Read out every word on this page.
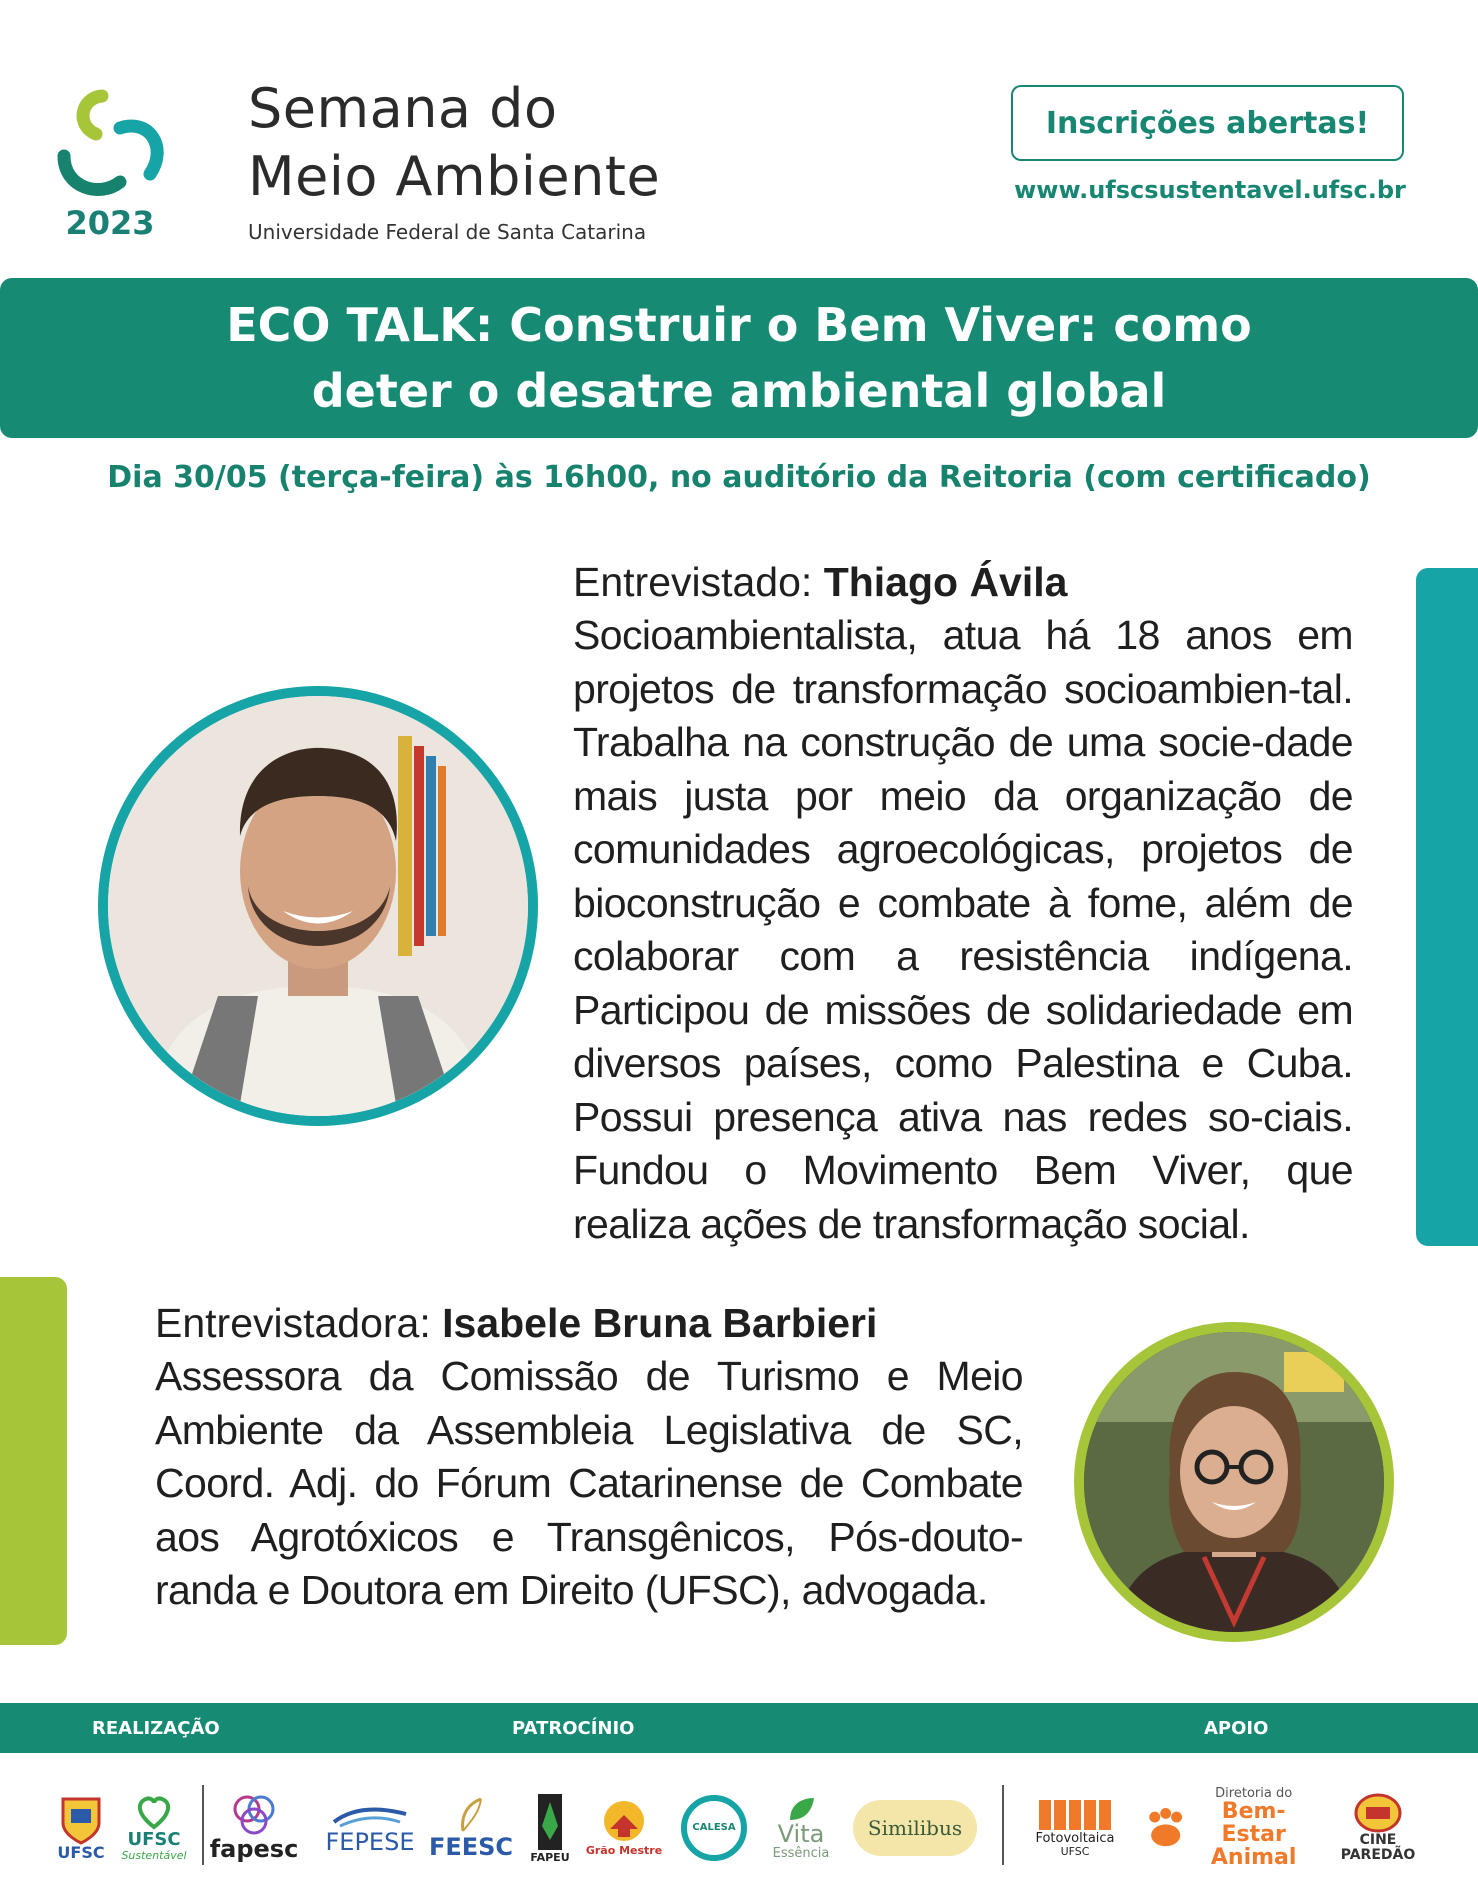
2023
Semana do
Meio Ambiente
Universidade Federal de Santa Catarina
Inscrições abertas!
www.ufscsustentavel.ufsc.br
ECO TALK: Construir o Bem Viver: como
deter o desatre ambiental global
Dia 30/05 (terça-feira) às 16h00, no auditório da Reitoria (com certificado)
Entrevistado: Thiago Ávila
Socioambientalista, atua há 18 anos em projetos de transformação socioambien-tal. Trabalha na construção de uma socie-dade mais justa por meio da organização de comunidades agroecológicas, projetos de bioconstrução e combate à fome, além de colaborar com a resistência indígena. Participou de missões de solidariedade em diversos países, como Palestina e Cuba. Possui presença ativa nas redes so-ciais. Fundou o Movimento Bem Viver, que realiza ações de transformação social.
Entrevistadora: Isabele Bruna Barbieri
Assessora da Comissão de Turismo e Meio Ambiente da Assembleia Legislativa de SC, Coord. Adj. do Fórum Catarinense de Combate aos Agrotóxicos e Transgênicos, Pós-douto-randa e Doutora em Direito (UFSC), advogada.
REALIZAÇÃO	PATROCÍNIO	APOIO
UFSC
UFSC
Sustentável fapesc FEPESE FEESC FAPEU
Grão Mestre
CALESA Vita
Essência
Similibus	Fotovoltaica
UFSC
Diretoria do
Bem-Estar
Animal
CINE PAREDÃO
